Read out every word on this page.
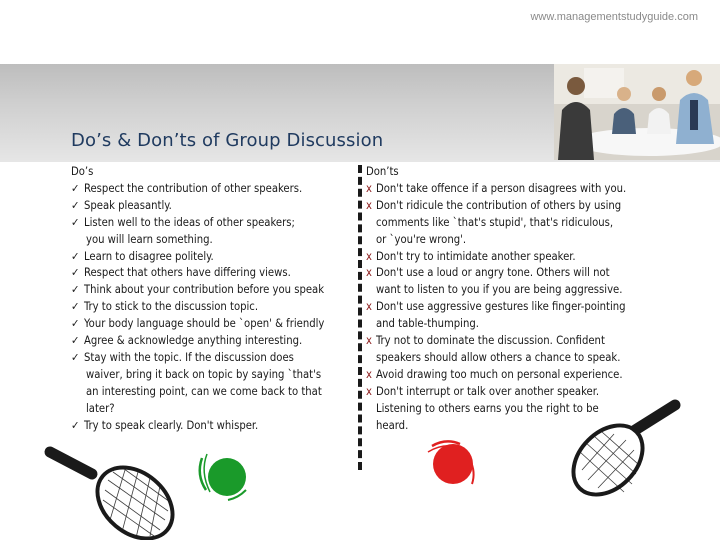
www.managementstudyguide.com
Do’s & Don’ts of Group Discussion
Do’s
✓ Respect the contribution of other speakers.
✓ Speak pleasantly.
✓ Listen well to the ideas of other speakers;
you will learn something.
✓ Learn to disagree politely.
✓ Respect that others have differing views.
✓ Think about your contribution before you speak
✓ Try to stick to the discussion topic.
✓ Your body language should be `open' & friendly
✓ Agree & acknowledge anything interesting.
✓ Stay with the topic. If the discussion does
waiver, bring it back on topic by saying `that's
an interesting point, can we come back to that
later?
✓ Try to speak clearly. Don't whisper.
Don’ts
x Don't take offence if a person disagrees with you.
x Don't ridicule the contribution of others by using
comments like `that's stupid', that's ridiculous,
or `you're wrong'.
x Don't try to intimidate another speaker.
x Don't use a loud or angry tone. Others will not
want to listen to you if you are being aggressive.
x Don't use aggressive gestures like finger-pointing
and table-thumping.
x Try not to dominate the discussion. Confident
speakers should allow others a chance to speak.
x Avoid drawing too much on personal experience.
x Don't interrupt or talk over another speaker.
Listening to others earns you the right to be
heard.
